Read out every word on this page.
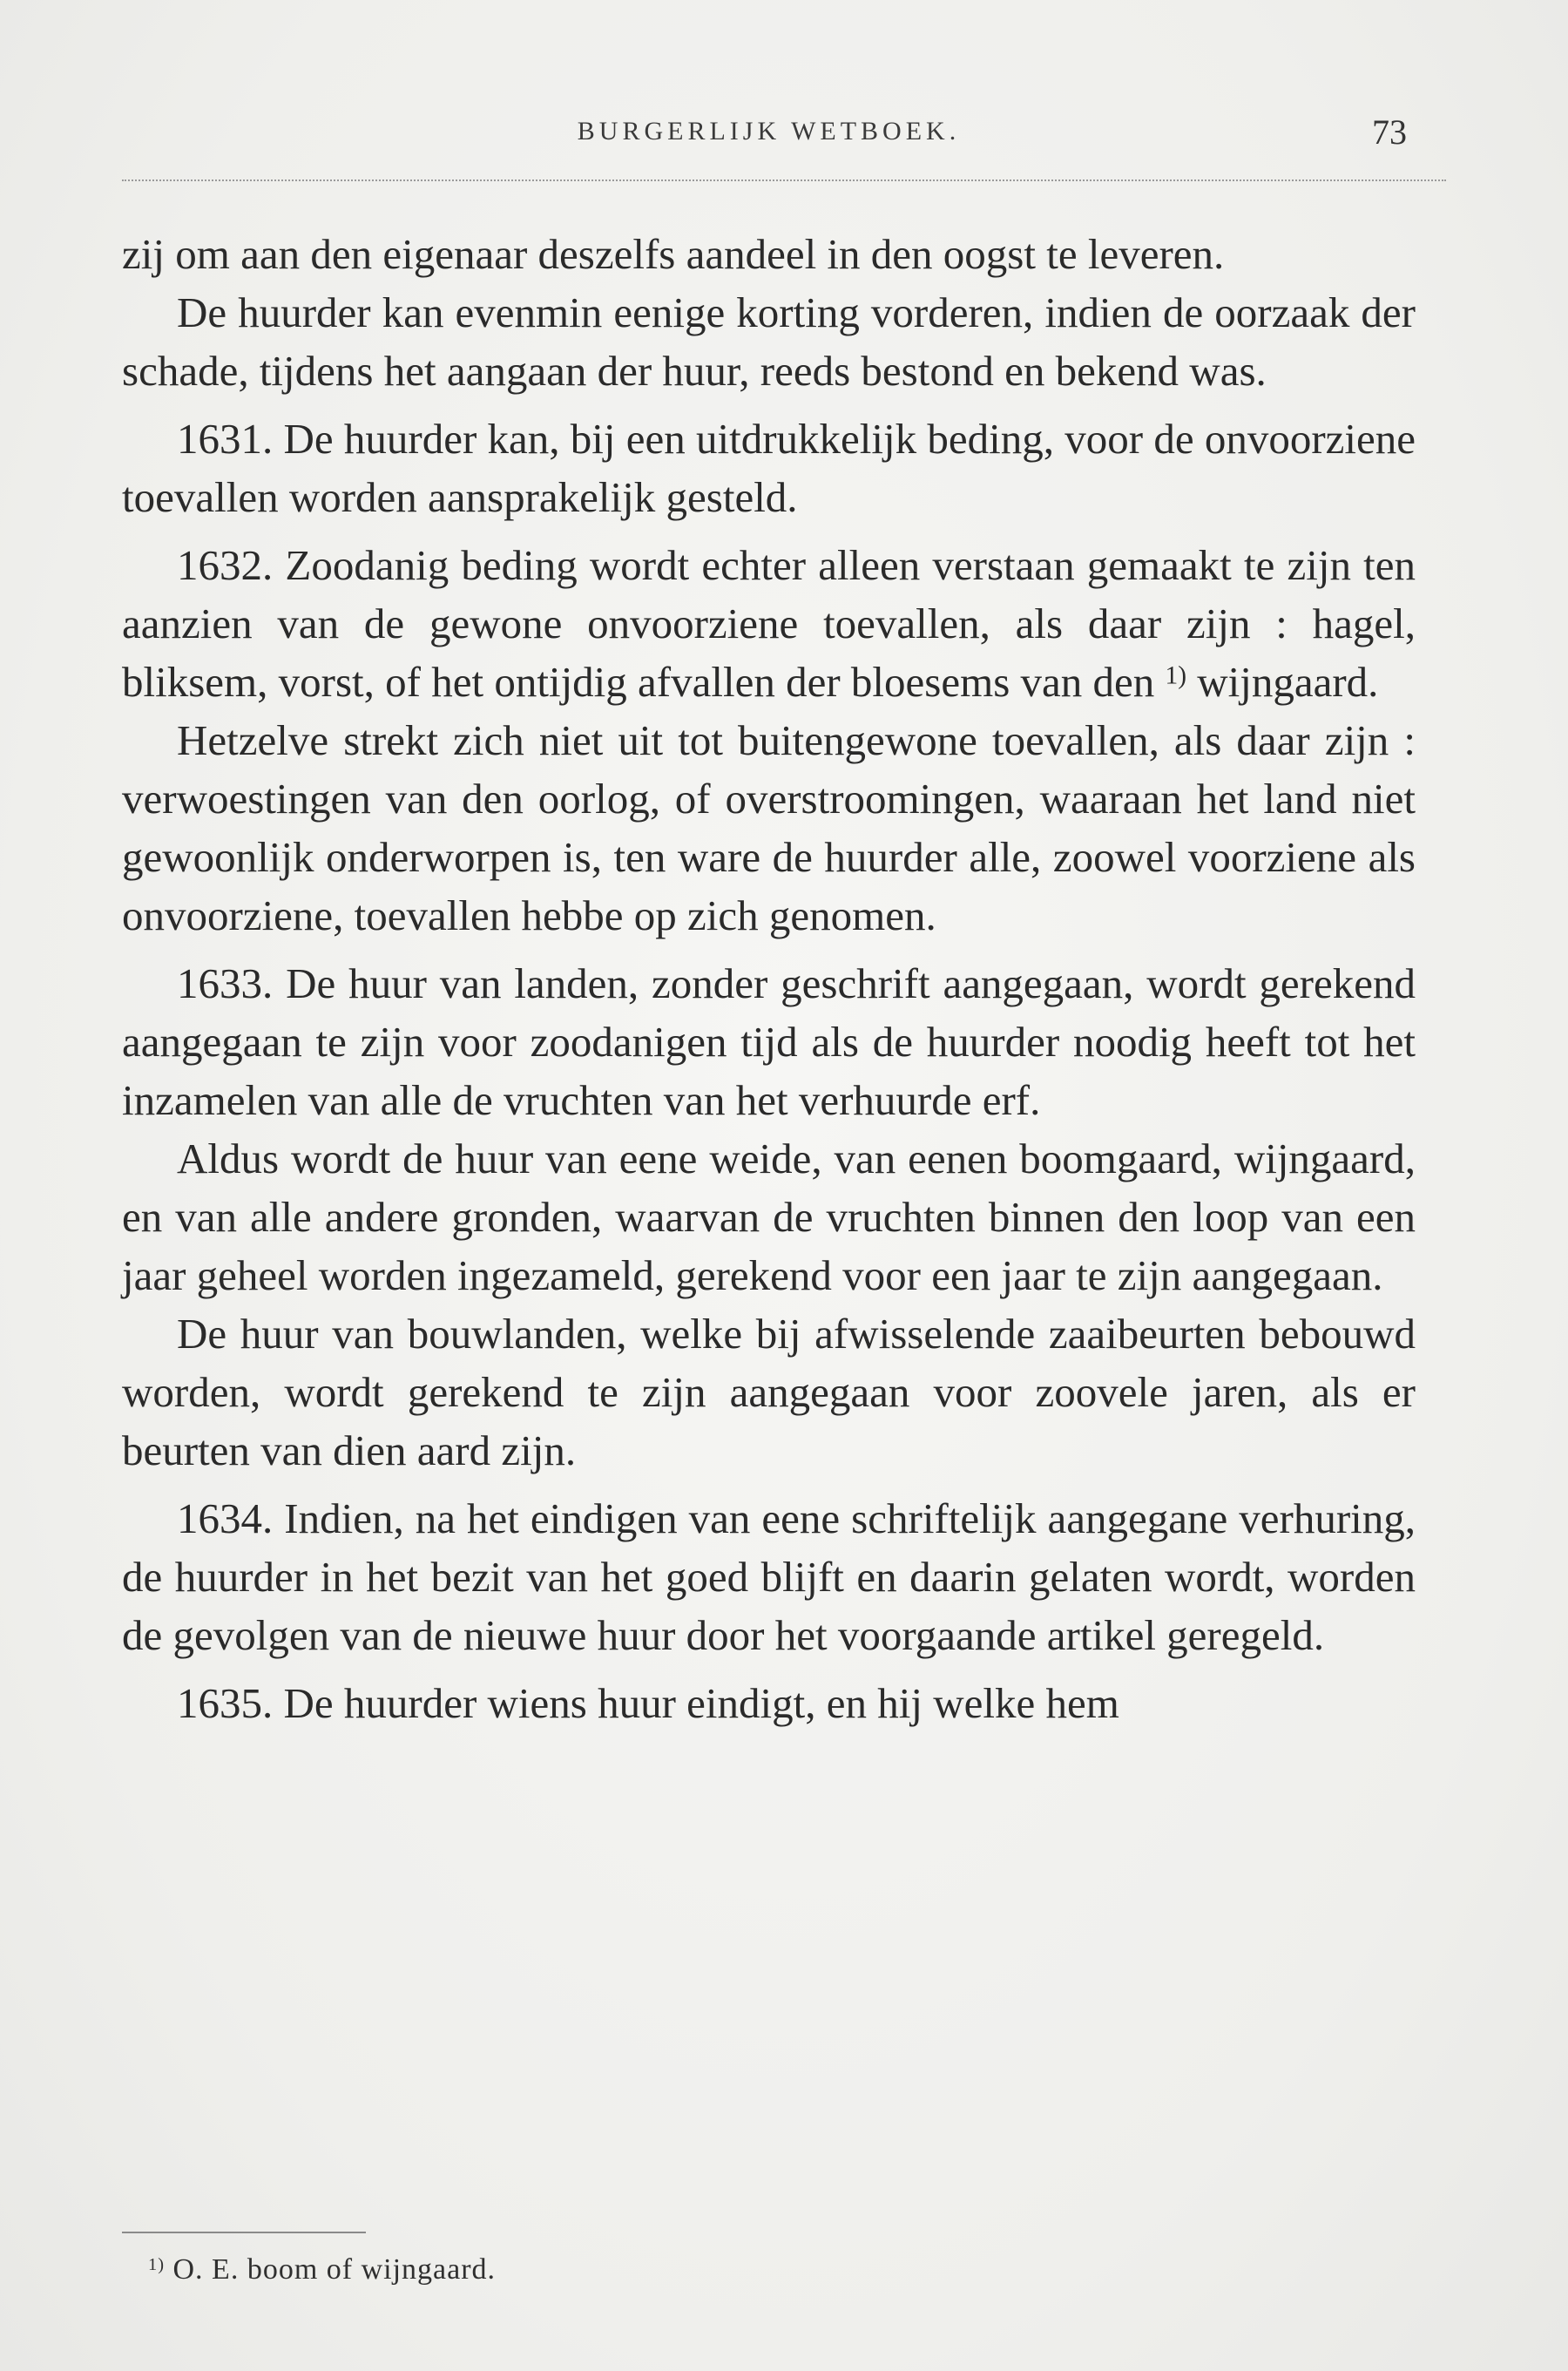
BURGERLIJK WETBOEK.	73

zij om aan den eigenaar deszelfs aandeel in den oogst te leveren.

De huurder kan evenmin eenige korting vorderen, indien de oorzaak der schade, tijdens het aangaan der huur, reeds bestond en bekend was.

1631. De huurder kan, bij een uitdrukkelijk beding, voor de onvoorziene toevallen worden aansprakelijk gesteld.

1632. Zoodanig beding wordt echter alleen verstaan gemaakt te zijn ten aanzien van de gewone onvoorziene toevallen, als daar zijn : hagel, bliksem, vorst, of het ontijdig afvallen der bloesems van den $^{1)}$ wijngaard.

Hetzelve strekt zich niet uit tot buitengewone toevallen, als daar zijn : verwoestingen van den oorlog, of overstroomingen, waaraan het land niet gewoonlijk onderworpen is, ten ware de huurder alle, zoowel voorziene als onvoorziene, toevallen hebbe op zich genomen.

1633. De huur van landen, zonder geschrift aangegaan, wordt gerekend aangegaan te zijn voor zoodanigen tijd als de huurder noodig heeft tot het inzamelen van alle de vruchten van het verhuurde erf.

Aldus wordt de huur van eene weide, van eenen boomgaard, wijngaard, en van alle andere gronden, waarvan de vruchten binnen den loop van een jaar geheel worden ingezameld, gerekend voor een jaar te zijn aangegaan.

De huur van bouwlanden, welke bij afwisselende zaaibeurten bebouwd worden, wordt gerekend te zijn aangegaan voor zoovele jaren, als er beurten van dien aard zijn.

1634. Indien, na het eindigen van eene schriftelijk aangegane verhuring, de huurder in het bezit van het goed blijft en daarin gelaten wordt, worden de gevolgen van de nieuwe huur door het voorgaande artikel geregeld.

1635. De huurder wiens huur eindigt, en hij welke hem

$^{1)}$ O. E. boom of wijngaard.
